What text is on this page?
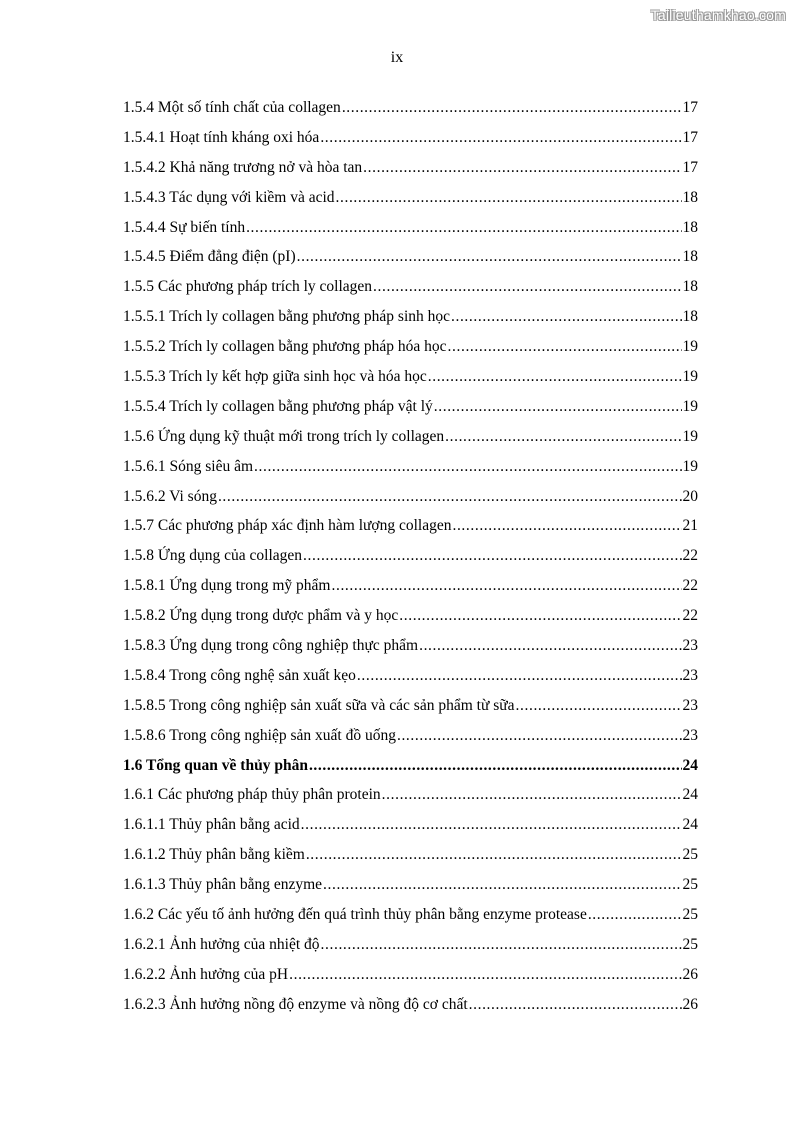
Tailieuthamkhao.com
ix
1.5.4 Một số tính chất của collagen .....	17
1.5.4.1 Hoạt tính kháng oxi hóa .....	17
1.5.4.2 Khả năng trương nở và hòa tan .....	17
1.5.4.3 Tác dụng với kiềm và acid .....	18
1.5.4.4 Sự biến tính .....	18
1.5.4.5 Điểm đẳng điện (pI) .....	18
1.5.5 Các phương pháp trích ly collagen .....	18
1.5.5.1 Trích ly collagen bằng phương pháp sinh học .....	18
1.5.5.2 Trích ly collagen bằng phương pháp hóa học .....	19
1.5.5.3 Trích ly kết hợp giữa sinh học và hóa học .....	19
1.5.5.4 Trích ly collagen bằng phương pháp vật lý .....	19
1.5.6 Ứng dụng kỹ thuật mới trong trích ly collagen .....	19
1.5.6.1 Sóng siêu âm .....	19
1.5.6.2 Vi sóng .....	20
1.5.7 Các phương pháp xác định hàm lượng collagen .....	21
1.5.8 Ứng dụng của collagen .....	22
1.5.8.1 Ứng dụng trong mỹ phẩm .....	22
1.5.8.2 Ứng dụng trong dược phẩm và y học .....	22
1.5.8.3 Ứng dụng trong công nghiệp thực phẩm .....	23
1.5.8.4 Trong công nghệ sản xuất kẹo .....	23
1.5.8.5 Trong công nghiệp sản xuất sữa và các sản phẩm từ sữa .....	23
1.5.8.6 Trong công nghiệp sản xuất đồ uống .....	23
1.6 Tổng quan về thủy phân .....	24
1.6.1 Các phương pháp thủy phân protein .....	24
1.6.1.1 Thủy phân bằng acid .....	24
1.6.1.2 Thủy phân bằng kiềm .....	25
1.6.1.3 Thủy phân bằng enzyme .....	25
1.6.2 Các yếu tố ảnh hưởng đến quá trình thủy phân bằng enzyme protease .....	25
1.6.2.1 Ảnh hưởng của nhiệt độ .....	25
1.6.2.2 Ảnh hưởng của pH .....	26
1.6.2.3 Ảnh hưởng nồng độ enzyme và nồng độ cơ chất .....	26
